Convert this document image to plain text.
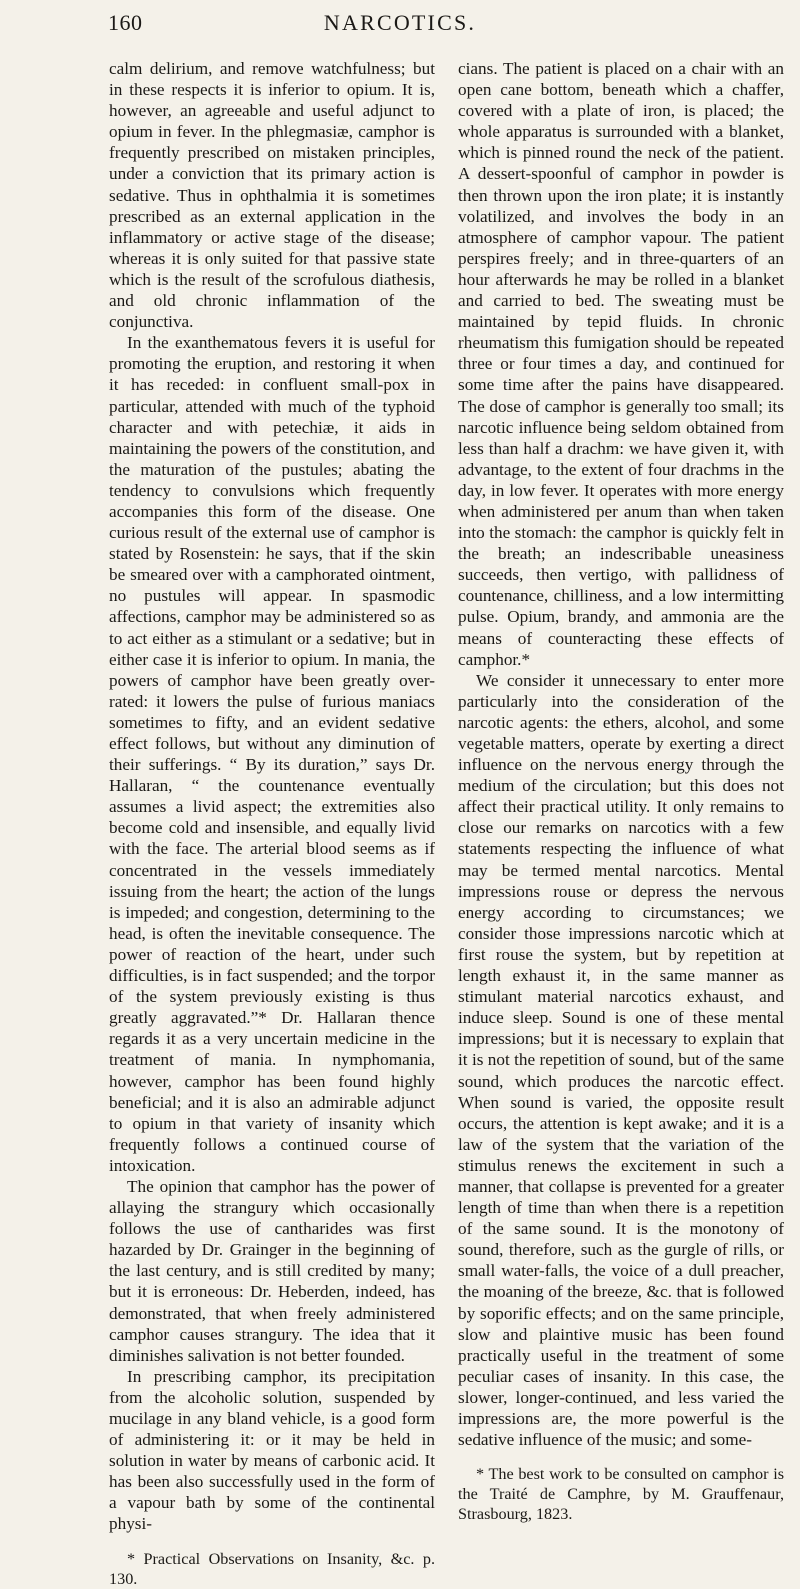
160	NARCOTICS.

calm delirium, and remove watchfulness; but in these respects it is inferior to opium. It is, however, an agreeable and useful adjunct to opium in fever. In the phlegmasiæ, camphor is frequently prescribed on mistaken principles, under a conviction that its primary action is sedative. Thus in ophthalmia it is sometimes prescribed as an external application in the inflammatory or active stage of the disease; whereas it is only suited for that passive state which is the result of the scrofulous diathesis, and old chronic inflammation of the conjunctiva.

In the exanthematous fevers it is useful for promoting the eruption, and restoring it when it has receded: in confluent small-pox in particular, attended with much of the typhoid character and with petechiæ, it aids in maintaining the powers of the constitution, and the maturation of the pustules; abating the tendency to convulsions which frequently accompanies this form of the disease. One curious result of the external use of camphor is stated by Rosenstein: he says, that if the skin be smeared over with a camphorated ointment, no pustules will appear. In spasmodic affections, camphor may be administered so as to act either as a stimulant or a sedative; but in either case it is inferior to opium. In mania, the powers of camphor have been greatly over-rated: it lowers the pulse of furious maniacs sometimes to fifty, and an evident sedative effect follows, but without any diminution of their sufferings. “ By its duration,” says Dr. Hallaran, “ the countenance eventually assumes a livid aspect; the extremities also become cold and insensible, and equally livid with the face. The arterial blood seems as if concentrated in the vessels immediately issuing from the heart; the action of the lungs is impeded; and congestion, determining to the head, is often the inevitable consequence. The power of reaction of the heart, under such difficulties, is in fact suspended; and the torpor of the system previously existing is thus greatly aggravated.”* Dr. Hallaran thence regards it as a very uncertain medicine in the treatment of mania. In nymphomania, however, camphor has been found highly beneficial; and it is also an admirable adjunct to opium in that variety of insanity which frequently follows a continued course of intoxication.

The opinion that camphor has the power of allaying the strangury which occasionally follows the use of cantharides was first hazarded by Dr. Grainger in the beginning of the last century, and is still credited by many; but it is erroneous: Dr. Heberden, indeed, has demonstrated, that when freely administered camphor causes strangury. The idea that it diminishes salivation is not better founded.

In prescribing camphor, its precipitation from the alcoholic solution, suspended by mucilage in any bland vehicle, is a good form of administering it: or it may be held in solution in water by means of carbonic acid. It has been also successfully used in the form of a vapour bath by some of the continental physi-

* Practical Observations on Insanity, &c. p. 130.

cians. The patient is placed on a chair with an open cane bottom, beneath which a chaffer, covered with a plate of iron, is placed; the whole apparatus is surrounded with a blanket, which is pinned round the neck of the patient. A dessert-spoonful of camphor in powder is then thrown upon the iron plate; it is instantly volatilized, and involves the body in an atmosphere of camphor vapour. The patient perspires freely; and in three-quarters of an hour afterwards he may be rolled in a blanket and carried to bed. The sweating must be maintained by tepid fluids. In chronic rheumatism this fumigation should be repeated three or four times a day, and continued for some time after the pains have disappeared. The dose of camphor is generally too small; its narcotic influence being seldom obtained from less than half a drachm: we have given it, with advantage, to the extent of four drachms in the day, in low fever. It operates with more energy when administered per anum than when taken into the stomach: the camphor is quickly felt in the breath; an indescribable uneasiness succeeds, then vertigo, with pallidness of countenance, chilliness, and a low intermitting pulse. Opium, brandy, and ammonia are the means of counteracting these effects of camphor.*

We consider it unnecessary to enter more particularly into the consideration of the narcotic agents: the ethers, alcohol, and some vegetable matters, operate by exerting a direct influence on the nervous energy through the medium of the circulation; but this does not affect their practical utility. It only remains to close our remarks on narcotics with a few statements respecting the influence of what may be termed mental narcotics. Mental impressions rouse or depress the nervous energy according to circumstances; we consider those impressions narcotic which at first rouse the system, but by repetition at length exhaust it, in the same manner as stimulant material narcotics exhaust, and induce sleep. Sound is one of these mental impressions; but it is necessary to explain that it is not the repetition of sound, but of the same sound, which produces the narcotic effect. When sound is varied, the opposite result occurs, the attention is kept awake; and it is a law of the system that the variation of the stimulus renews the excitement in such a manner, that collapse is prevented for a greater length of time than when there is a repetition of the same sound. It is the monotony of sound, therefore, such as the gurgle of rills, or small water-falls, the voice of a dull preacher, the moaning of the breeze, &c. that is followed by soporific effects; and on the same principle, slow and plaintive music has been found practically useful in the treatment of some peculiar cases of insanity. In this case, the slower, longer-continued, and less varied the impressions are, the more powerful is the sedative influence of the music; and some-

* The best work to be consulted on camphor is the Traité de Camphre, by M. Grauffenaur, Strasbourg, 1823.
